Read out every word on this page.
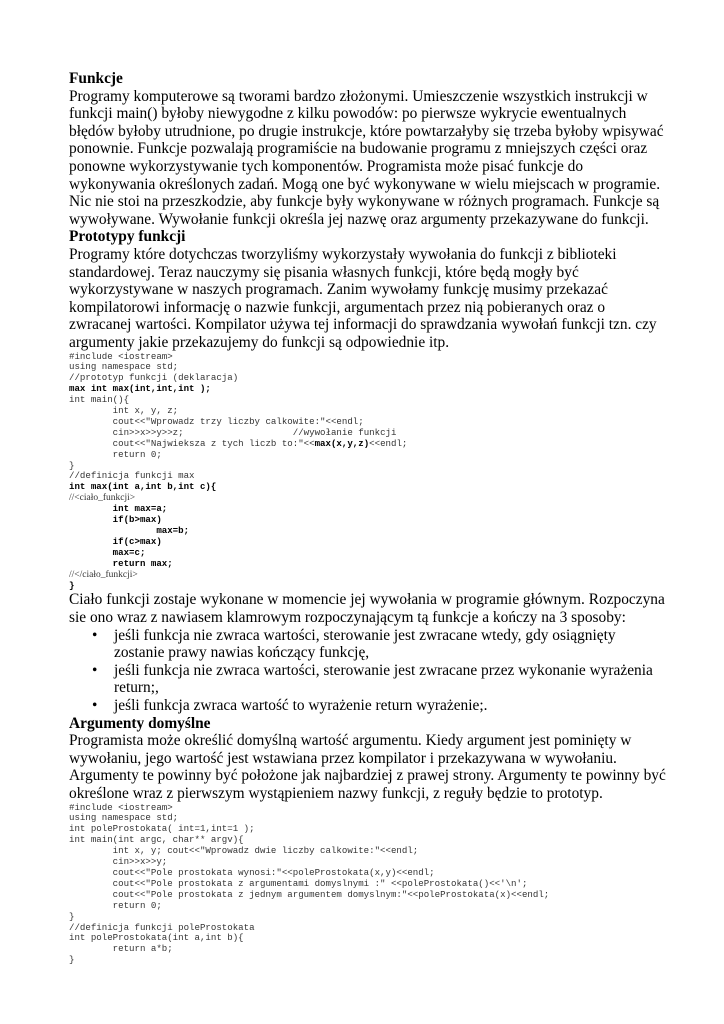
Funkcje

Programy komputerowe są tworami bardzo złożonymi. Umieszczenie wszystkich instrukcji w funkcji main() byłoby niewygodne z kilku powodów: po pierwsze wykrycie ewentualnych błędów byłoby utrudnione, po drugie instrukcje, które powtarzałyby się trzeba byłoby wpisywać ponownie. Funkcje pozwalają programiście na budowanie programu z mniejszych części oraz ponowne wykorzystywanie tych komponentów. Programista może pisać funkcje do wykonywania określonych zadań. Mogą one być wykonywane w wielu miejscach w programie. Nic nie stoi na przeszkodzie, aby funkcje były wykonywane w różnych programach. Funkcje są wywoływane. Wywołanie funkcji określa jej nazwę oraz argumenty przekazywane do funkcji.

Prototypy funkcji

Programy które dotychczas tworzyliśmy wykorzystały wywołania do funkcji z biblioteki standardowej. Teraz nauczymy się pisania własnych funkcji, które będą mogły być wykorzystywane w naszych programach. Zanim wywołamy funkcję musimy przekazać kompilatorowi informację o nazwie funkcji, argumentach przez nią pobieranych oraz o zwracanej wartości. Kompilator używa tej informacji do sprawdzania wywołań funkcji tzn. czy argumenty jakie przekazujemy do funkcji są odpowiednie itp.

#include <iostream>
using namespace std;
//prototyp funkcji (deklaracja)
max int max(int,int,int );
int main(){
int x, y, z;
cout<<"Wprowadz trzy liczby calkowite:"<<endl;
cin>>x>>y>>z;                    //wywołanie funkcji
cout<<"Najwieksza z tych liczb to:"<<max(x,y,z)<<endl;
return 0;
}
//definicja funkcji max
int max(int a,int b,int c){
//<ciało_funkcji>
int max=a;
if(b>max)
max=b;
if(c>max)
max=c;
return max;
//</ciało_funkcji>
}

Ciało funkcji zostaje wykonane w momencie jej wywołania w programie głównym. Rozpoczyna sie ono wraz z nawiasem klamrowym rozpoczynającym tą funkcje a kończy na 3 sposoby:

• jeśli funkcja nie zwraca wartości, sterowanie jest zwracane wtedy, gdy osiągnięty zostanie prawy nawias kończący funkcję,
• jeśli funkcja nie zwraca wartości, sterowanie jest zwracane przez wykonanie wyrażenia return;,
• jeśli funkcja zwraca wartość to wyrażenie return wyrażenie;.
Argumenty domyślne

Programista może określić domyślną wartość argumentu. Kiedy argument jest pominięty w wywołaniu, jego wartość jest wstawiana przez kompilator i przekazywana w wywołaniu. Argumenty te powinny być położone jak najbardziej z prawej strony. Argumenty te powinny być określone wraz z pierwszym wystąpieniem nazwy funkcji, z reguły będzie to prototyp.

#include <iostream>
using namespace std;
int poleProstokata( int=1,int=1 );
int main(int argc, char** argv){
int x, y; cout<<"Wprowadz dwie liczby calkowite:"<<endl;
cin>>x>>y;
cout<<"Pole prostokata wynosi:"<<poleProstokata(x,y)<<endl;
cout<<"Pole prostokata z argumentami domyslnymi :" <<poleProstokata()<<'\n';
cout<<"Pole prostokata z jednym argumentem domyslnym:"<<poleProstokata(x)<<endl;
return 0;
}
//definicja funkcji poleProstokata
int poleProstokata(int a,int b){
return a*b;
}
